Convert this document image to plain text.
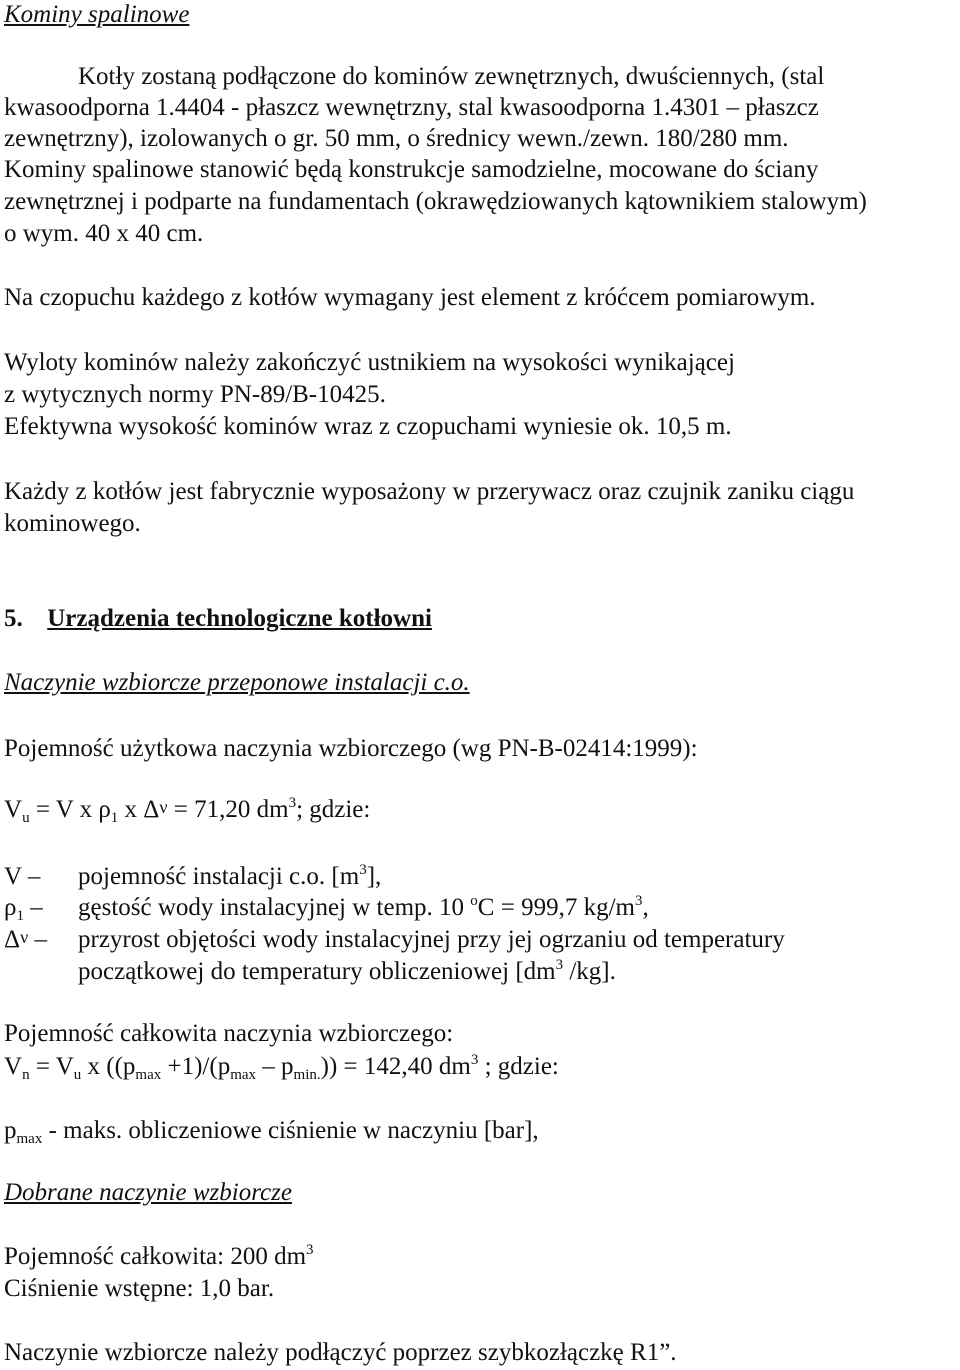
Kominy spalinowe
Kotły zostaną podłączone do kominów zewnętrznych, dwuściennych, (stal
kwasoodporna 1.4404 - płaszcz wewnętrzny, stal kwasoodporna 1.4301 – płaszcz
zewnętrzny), izolowanych o gr. 50 mm, o średnicy wewn./zewn. 180/280 mm.
Kominy spalinowe stanowić będą konstrukcje samodzielne, mocowane do ściany
zewnętrznej i podparte na fundamentach (okrawędziowanych kątownikiem stalowym)
o wym. 40 x 40 cm.
Na czopuchu każdego z kotłów wymagany jest element z króćcem pomiarowym.
Wyloty kominów należy zakończyć ustnikiem na wysokości wynikającej
z wytycznych normy PN-89/B-10425.
Efektywna wysokość kominów wraz z czopuchami wyniesie ok. 10,5 m.
Każdy z kotłów jest fabrycznie wyposażony w przerywacz oraz czujnik zaniku ciągu
kominowego.
5. Urządzenia technologiczne kotłowni
Naczynie wzbiorcze przeponowe instalacji c.o.
Pojemność użytkowa naczynia wzbiorczego (wg PN-B-02414:1999):
$V_u = V$ x $\rho_1$ x $\Delta^\nu = 71,20$ $dm^3$; gdzie:
V – pojemność instalacji c.o. $[m^3]$,
$\rho_1$ – gęstość wody instalacyjnej w temp. 10 $^o$C = 999,7 $kg/m^3$,
$\Delta^\nu$ – przyrost objętości wody instalacyjnej przy jej ogrzaniu od temperatury
początkowej do temperatury obliczeniowej [$dm^3$ /kg].
Pojemność całkowita naczynia wzbiorczego:
$V_n = V_u$ x $((p_{max} +1)/(p_{max} - p_{min.})) = 142,40$ $dm^3$ ; gdzie:
$p_{max}$ - maks. obliczeniowe ciśnienie w naczyniu [bar],
Dobrane naczynie wzbiorcze
Pojemność całkowita: 200 $dm^3$
Ciśnienie wstępne: 1,0 bar.
Naczynie wzbiorcze należy podłączyć poprzez szybkozłączkę R1”.
